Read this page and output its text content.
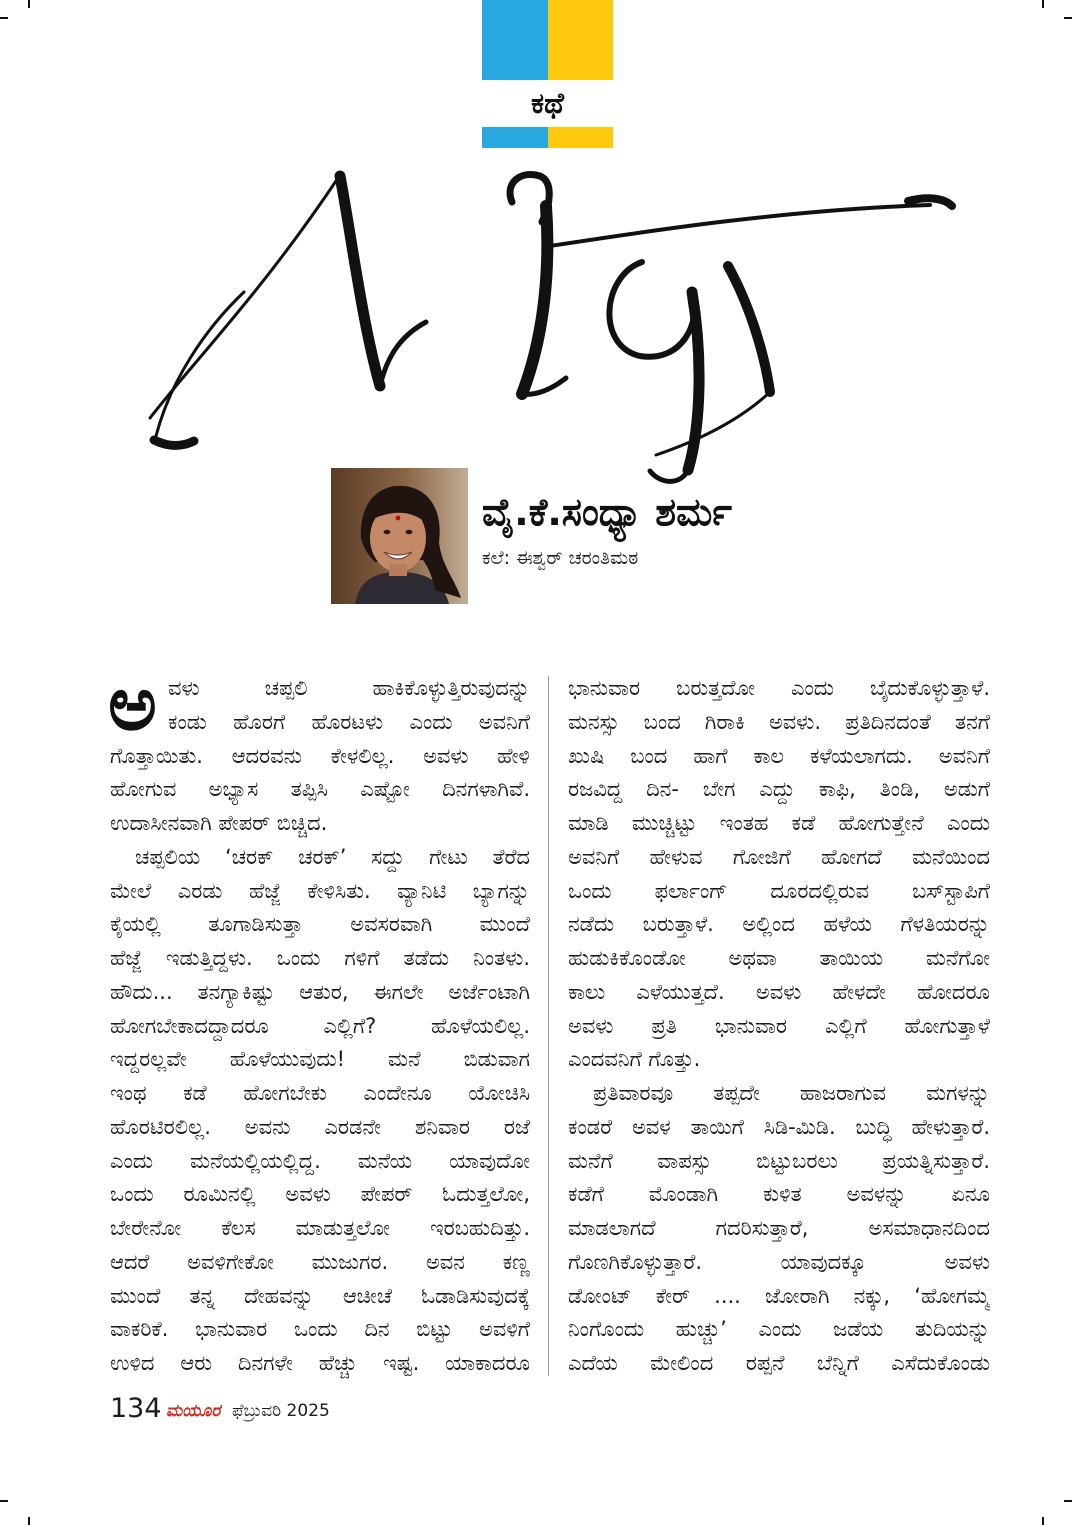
ಕಥೆ
ವೈ.ಕೆ.ಸಂಧ್ಯಾ ಶರ್ಮ
ಕಲೆ: ಈಶ್ವರ್ ಚರಂತಿಮಠ
ಅ ವಳು ಚಪ್ಪಲಿ ಹಾಕಿಕೊಳ್ಳುತ್ತಿರುವುದನ್ನು
ಕಂಡು ಹೊರಗೆ ಹೊರಟಳು ಎಂದು ಅವನಿಗೆ
ಗೊತ್ತಾಯಿತು. ಆದರವನು ಕೇಳಲಿಲ್ಲ. ಅವಳು ಹೇಳಿ
ಹೋಗುವ ಅಭ್ಯಾಸ ತಪ್ಪಿಸಿ ಎಷ್ಟೋ ದಿನಗಳಾಗಿವೆ.
ಉದಾಸೀನವಾಗಿ ಪೇಪರ್ ಬಿಚ್ಚಿದ.
ಚಪ್ಪಲಿಯ ‘ಚರಕ್ ಚರಕ್’ ಸದ್ದು ಗೇಟು ತೆರೆದ
ಮೇಲೆ ಎರಡು ಹೆಜ್ಜೆ ಕೇಳಿಸಿತು. ವ್ಯಾನಿಟಿ ಬ್ಯಾಗನ್ನು
ಕೈಯಲ್ಲಿ ತೂಗಾಡಿಸುತ್ತಾ ಅವಸರವಾಗಿ ಮುಂದೆ
ಹೆಜ್ಜೆ ಇಡುತ್ತಿದ್ದಳು. ಒಂದು ಗಳಿಗೆ ತಡೆದು ನಿಂತಳು.
ಹೌದು... ತನಗ್ಯಾಕಿಷ್ಟು ಆತುರ, ಈಗಲೇ ಅರ್ಜೆಂಟಾಗಿ
ಹೋಗಬೇಕಾದದ್ದಾದರೂ ಎಲ್ಲಿಗೆ? ಹೊಳೆಯಲಿಲ್ಲ.
ಇದ್ದರಲ್ಲವೇ ಹೊಳೆಯುವುದು! ಮನೆ ಬಿಡುವಾಗ
ಇಂಥ ಕಡೆ ಹೋಗಬೇಕು ಎಂದೇನೂ ಯೋಚಿಸಿ
ಹೊರಟಿರಲಿಲ್ಲ. ಅವನು ಎರಡನೇ ಶನಿವಾರ ರಜೆ
ಎಂದು ಮನೆಯಲ್ಲಿಯಲ್ಲಿದ್ದ. ಮನೆಯ ಯಾವುದೋ
ಒಂದು ರೂಮಿನಲ್ಲಿ ಅವಳು ಪೇಪರ್ ಓದುತ್ತಲೋ,
ಬೇರೇನೋ ಕೆಲಸ ಮಾಡುತ್ತಲೋ ಇರಬಹುದಿತ್ತು.
ಆದರೆ ಅವಳಿಗೇಕೋ ಮುಜುಗರ. ಅವನ ಕಣ್ಣ
ಮುಂದೆ ತನ್ನ ದೇಹವನ್ನು ಆಚೀಚೆ ಓಡಾಡಿಸುವುದಕ್ಕೆ
ವಾಕರಿಕೆ. ಭಾನುವಾರ ಒಂದು ದಿನ ಬಿಟ್ಟು ಅವಳಿಗೆ
ಉಳಿದ ಆರು ದಿನಗಳೇ ಹೆಚ್ಚು ಇಷ್ಟ. ಯಾಕಾದರೂ
ಭಾನುವಾರ ಬರುತ್ತದೋ ಎಂದು ಬೈದುಕೊಳ್ಳುತ್ತಾಳೆ.
ಮನಸ್ಸು ಬಂದ ಗಿರಾಕಿ ಅವಳು. ಪ್ರತಿದಿನದಂತೆ ತನಗೆ
ಖುಷಿ ಬಂದ ಹಾಗೆ ಕಾಲ ಕಳೆಯಲಾಗದು. ಅವನಿಗೆ
ರಜವಿದ್ದ ದಿನ- ಬೇಗ ಎದ್ದು ಕಾಫಿ, ತಿಂಡಿ, ಅಡುಗೆ
ಮಾಡಿ ಮುಚ್ಚಿಟ್ಟು ಇಂತಹ ಕಡೆ ಹೋಗುತ್ತೇನೆ ಎಂದು
ಅವನಿಗೆ ಹೇಳುವ ಗೋಜಿಗೆ ಹೋಗದೆ ಮನೆಯಿಂದ
ಒಂದು ಫರ್ಲಾಂಗ್ ದೂರದಲ್ಲಿರುವ ಬಸ್‌ಸ್ಟಾಪಿಗೆ
ನಡೆದು ಬರುತ್ತಾಳೆ. ಅಲ್ಲಿಂದ ಹಳೆಯ ಗೆಳತಿಯರನ್ನು
ಹುಡುಕಿಕೊಂಡೋ ಅಥವಾ ತಾಯಿಯ ಮನೆಗೋ
ಕಾಲು ಎಳೆಯುತ್ತದೆ. ಅವಳು ಹೇಳದೇ ಹೋದರೂ
ಅವಳು ಪ್ರತಿ ಭಾನುವಾರ ಎಲ್ಲಿಗೆ ಹೋಗುತ್ತಾಳೆ
ಎಂದವನಿಗೆ ಗೊತ್ತು.
ಪ್ರತಿವಾರವೂ ತಪ್ಪದೇ ಹಾಜರಾಗುವ ಮಗಳನ್ನು
ಕಂಡರೆ ಅವಳ ತಾಯಿಗೆ ಸಿಡಿ-ಮಿಡಿ. ಬುದ್ಧಿ ಹೇಳುತ್ತಾರೆ.
ಮನೆಗೆ ವಾಪಸ್ಸು ಬಿಟ್ಟುಬರಲು ಪ್ರಯತ್ನಿಸುತ್ತಾರೆ.
ಕಡೆಗೆ ಮೊಂಡಾಗಿ ಕುಳಿತ ಅವಳನ್ನು ಏನೂ
ಮಾಡಲಾಗದೆ ಗದರಿಸುತ್ತಾರೆ, ಅಸಮಾಧಾನದಿಂದ
ಗೊಣಗಿಕೊಳ್ಳುತ್ತಾರೆ. ಯಾವುದಕ್ಕೂ ಅವಳು
ಡೋಂಟ್ ಕೇರ್ .... ಜೋರಾಗಿ ನಕ್ಕು, ‘ಹೋಗಮ್ಮ
ನಿಂಗೊಂದು ಹುಚ್ಚು’ ಎಂದು ಜಡೆಯ ತುದಿಯನ್ನು
ಎದೆಯ ಮೇಲಿಂದ ರಪ್ಪನೆ ಬೆನ್ನಿಗೆ ಎಸೆದುಕೊಂಡು
134 ಮಯೂರ ಫೆಬ್ರುವರಿ 2025
